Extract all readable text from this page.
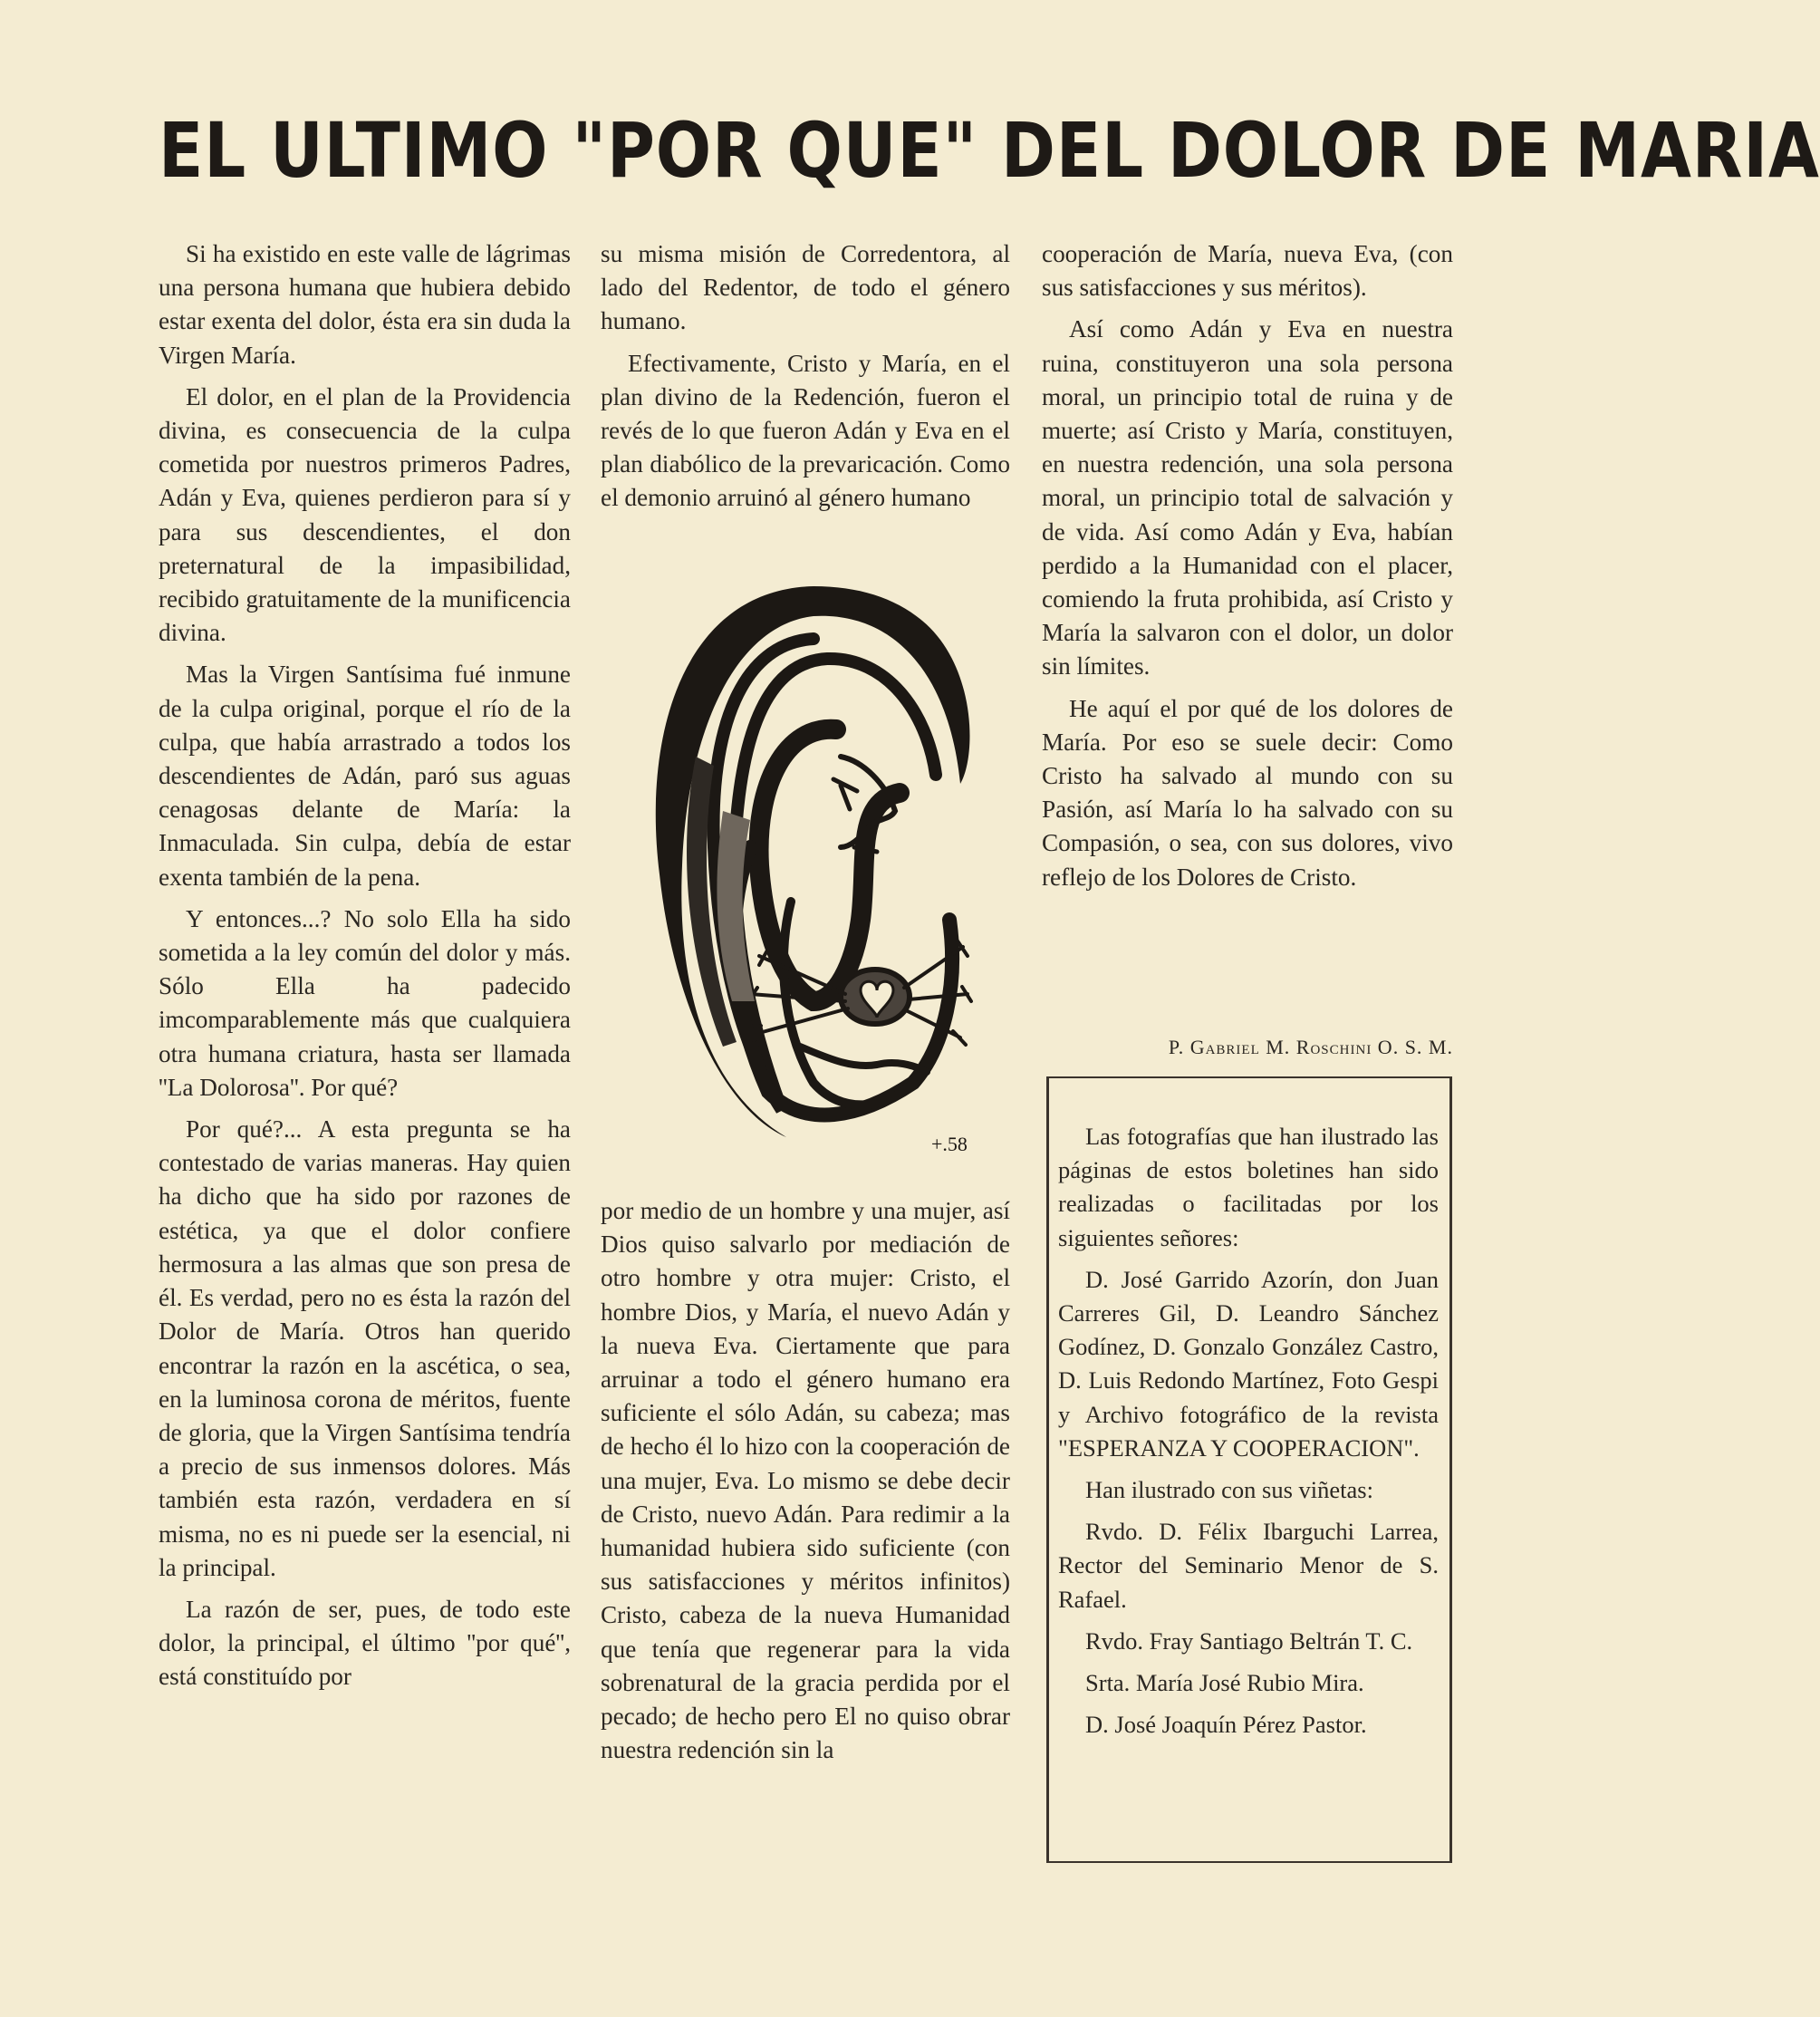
EL ULTIMO "POR QUE" DEL DOLOR DE MARIA

Si ha existido en este valle de lágrimas una persona humana que hubiera debido estar exenta del dolor, ésta era sin duda la Virgen María.

El dolor, en el plan de la Providencia divina, es consecuencia de la culpa cometida por nuestros primeros Padres, Adán y Eva, quienes perdieron para sí y para sus descendientes, el don preternatural de la impasibilidad, recibido gratuitamente de la munificencia divina.

Mas la Virgen Santísima fué inmune de la culpa original, porque el río de la culpa, que había arrastrado a todos los descendientes de Adán, paró sus aguas cenagosas delante de María: la Inmaculada. Sin culpa, debía de estar exenta también de la pena.

Y entonces...? No solo Ella ha sido sometida a la ley común del dolor y más. Sólo Ella ha padecido imcomparablemente más que cualquiera otra humana criatura, hasta ser llamada ''La Dolorosa''. Por qué?

Por qué?... A esta pregunta se ha contestado de varias maneras. Hay quien ha dicho que ha sido por razones de estética, ya que el dolor confiere hermosura a las almas que son presa de él. Es verdad, pero no es ésta la razón del Dolor de María. Otros han querido encontrar la razón en la ascética, o sea, en la luminosa corona de méritos, fuente de gloria, que la Virgen Santísima tendría a precio de sus inmensos dolores. Más también esta razón, verdadera en sí misma, no es ni puede ser la esencial, ni la principal.

La razón de ser, pues, de todo este dolor, la principal, el último ''por qué'', está constituído por

su misma misión de Corredentora, al lado del Redentor, de todo el género humano.

Efectivamente, Cristo y María, en el plan divino de la Redención, fueron el revés de lo que fueron Adán y Eva en el plan diabólico de la prevaricación. Como el demonio arruinó al género humano

+.58

por medio de un hombre y una mujer, así Dios quiso salvarlo por mediación de otro hombre y otra mujer: Cristo, el hombre Dios, y María, el nuevo Adán y la nueva Eva. Ciertamente que para arruinar a todo el género humano era suficiente el sólo Adán, su cabeza; mas de hecho él lo hizo con la cooperación de una mujer, Eva. Lo mismo se debe decir de Cristo, nuevo Adán. Para redimir a la humanidad hubiera sido suficiente (con sus satisfacciones y méritos infinitos) Cristo, cabeza de la nueva Humanidad que tenía que regenerar para la vida sobrenatural de la gracia perdida por el pecado; de hecho pero El no quiso obrar nuestra redención sin la

cooperación de María, nueva Eva, (con sus satisfacciones y sus méritos).

Así como Adán y Eva en nuestra ruina, constituyeron una sola persona moral, un principio total de ruina y de muerte; así Cristo y María, constituyen, en nuestra redención, una sola persona moral, un principio total de salvación y de vida. Así como Adán y Eva, habían perdido a la Humanidad con el placer, comiendo la fruta prohibida, así Cristo y María la salvaron con el dolor, un dolor sin límites.

He aquí el por qué de los dolores de María. Por eso se suele decir: Como Cristo ha salvado al mundo con su Pasión, así María lo ha salvado con su Compasión, o sea, con sus dolores, vivo reflejo de los Dolores de Cristo.

P. Gabriel M. Roschini O. S. M.

Las fotografías que han ilustrado las páginas de estos boletines han sido realizadas o facilitadas por los siguientes señores:

D. José Garrido Azorín, don Juan Carreres Gil, D. Leandro Sánchez Godínez, D. Gonzalo González Castro, D. Luis Redondo Martínez, Foto Gespi y Archivo fotográfico de la revista "ESPERANZA Y COOPERACION".

Han ilustrado con sus viñetas:

Rvdo. D. Félix Ibarguchi Larrea, Rector del Seminario Menor de S. Rafael.

Rvdo. Fray Santiago Beltrán T. C.

Srta. María José Rubio Mira.

D. José Joaquín Pérez Pastor.
